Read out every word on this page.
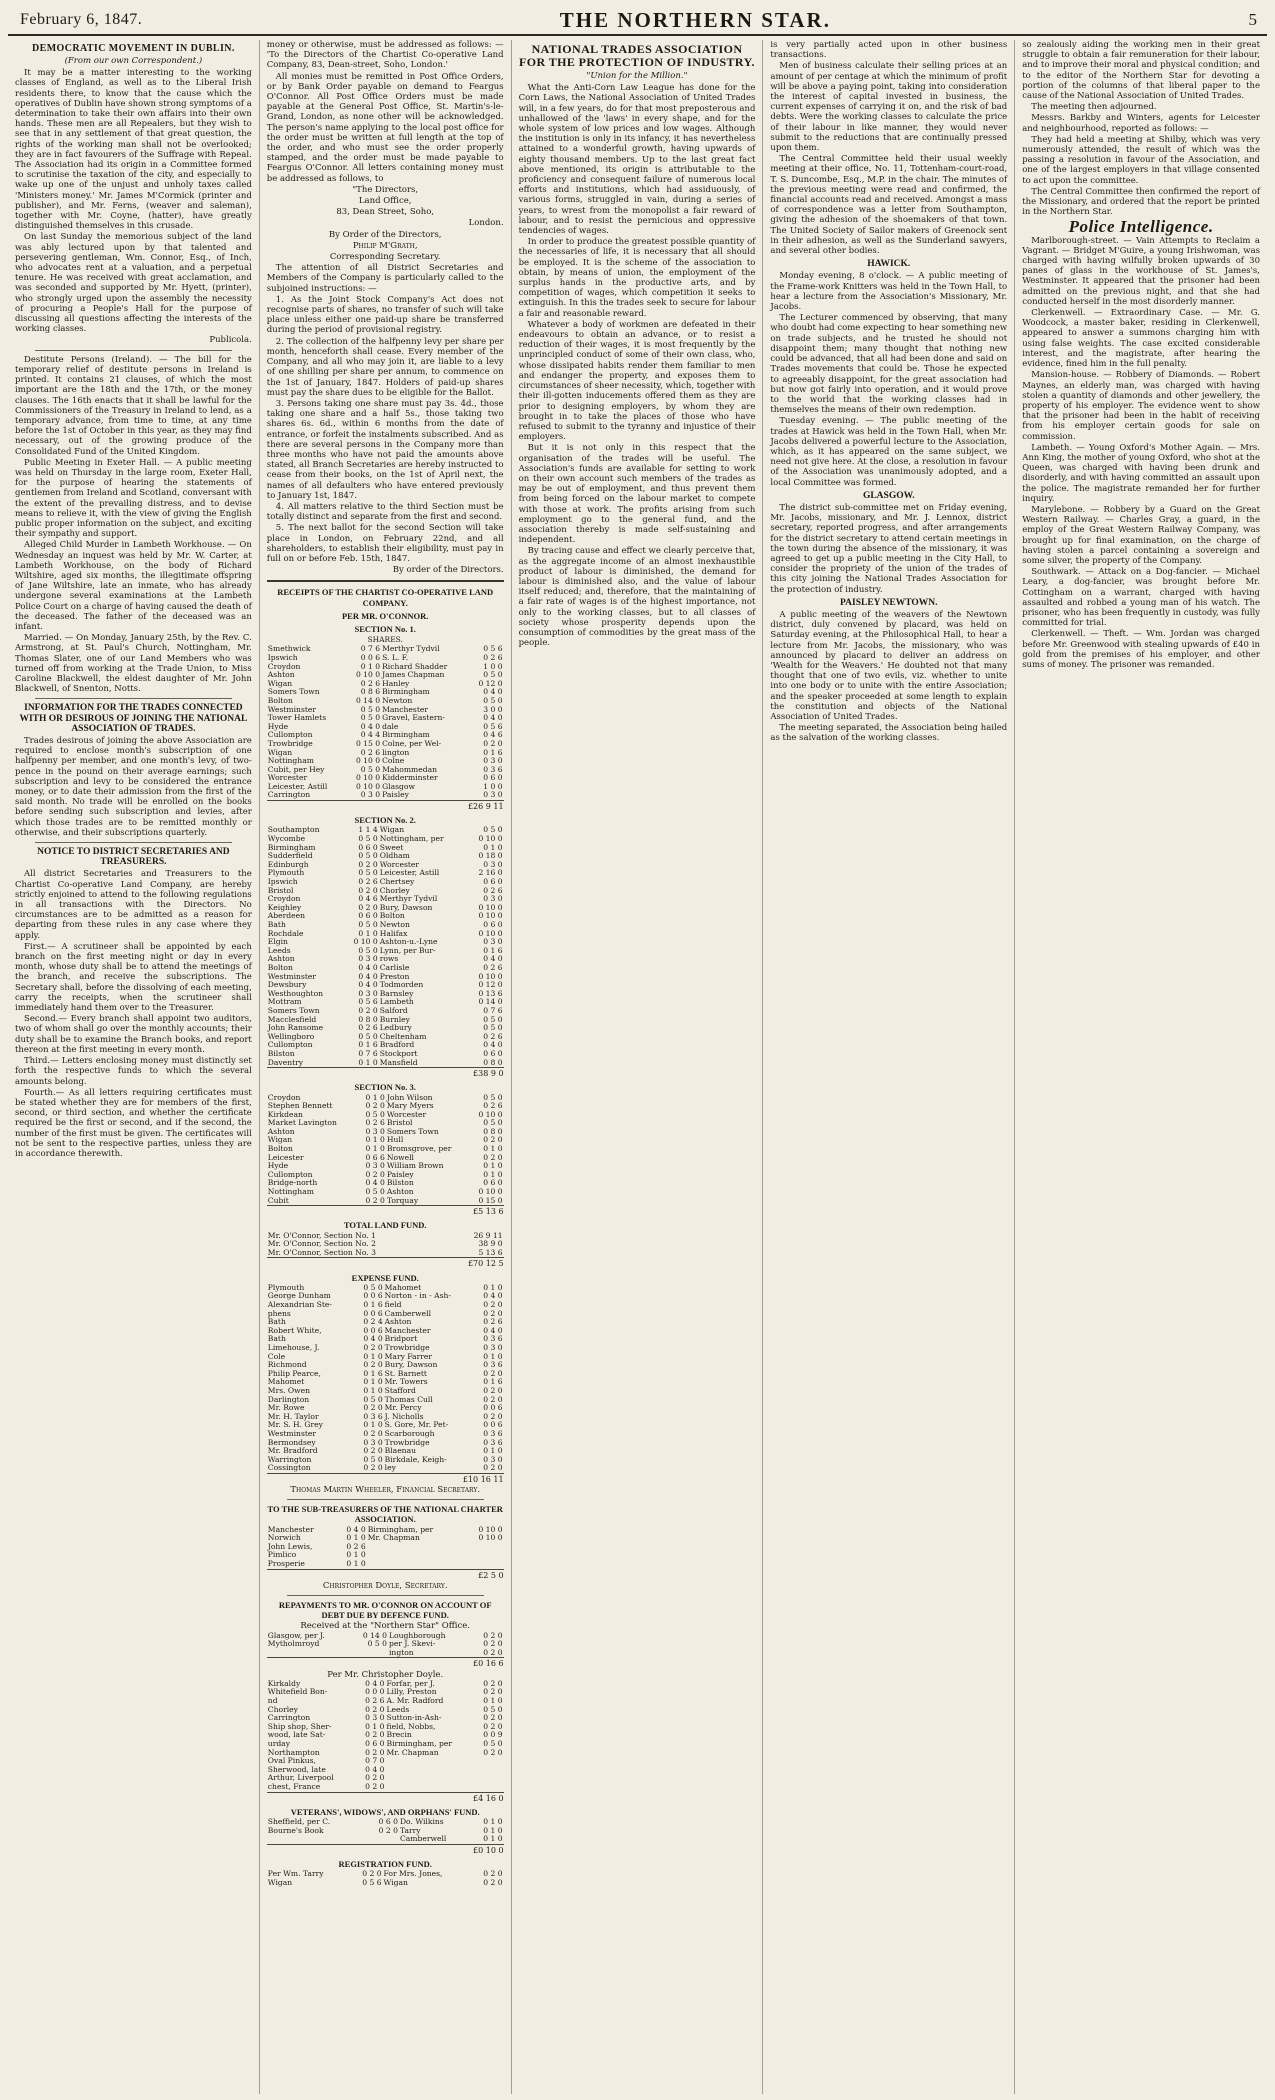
February 6, 1847.	THE NORTHERN STAR.	5
DEMOCRATIC MOVEMENT IN DUBLIN.
(From our own Correspondent.)

It may be a matter interesting to the working classes of England, as well as to the Liberal Irish residents there, to know that the cause which the operatives of Dublin have shown strong symptoms of a determination to take their own affairs into their own hands. These men are all Repealers, but they wish to see that in any settlement of that great question, the rights of the working man shall not be overlooked; they are in fact favourers of the Suffrage with Repeal. The Association had its origin in a Committee formed to scrutinise the taxation of the city, and especially to wake up one of the unjust and unholy taxes called 'Ministers money.' Mr. James M'Cormick (printer and publisher), and Mr. Ferns, (weaver and saleman), together with Mr. Coyne, (hatter), have greatly distinguished themselves in this crusade.

On last Sunday the memorious subject of the land was ably lectured upon by that talented and persevering gentleman, Wm. Connor, Esq., of Inch, who advocates rent at a valuation, and a perpetual tenure. He was received with great acclamation, and was seconded and supported by Mr. Hyett, (printer), who strongly urged upon the assembly the necessity of procuring a People's Hall for the purpose of discussing all questions affecting the interests of the working classes.

Publicola.

Destitute Persons (Ireland). — The bill for the temporary relief of destitute persons in Ireland is printed. It contains 21 clauses, of which the most important are the 18th and the 17th, or the money clauses. The 16th enacts that it shall be lawful for the Commissioners of the Treasury in Ireland to lend, as a temporary advance, from time to time, at any time before the 1st of October in this year, as they may find necessary, out of the growing produce of the Consolidated Fund of the United Kingdom.

Public Meeting in Exeter Hall. — A public meeting was held on Thursday in the large room, Exeter Hall, for the purpose of hearing the statements of gentlemen from Ireland and Scotland, conversant with the extent of the prevailing distress, and to devise means to relieve it, with the view of giving the English public proper information on the subject, and exciting their sympathy and support.

Alleged Child Murder in Lambeth Workhouse. — On Wednesday an inquest was held by Mr. W. Carter, at Lambeth Workhouse, on the body of Richard Wiltshire, aged six months, the illegitimate offspring of Jane Wiltshire, late an inmate, who has already undergone several examinations at the Lambeth Police Court on a charge of having caused the death of the deceased. The father of the deceased was an infant.

Married. — On Monday, January 25th, by the Rev. C. Armstrong, at St. Paul's Church, Nottingham, Mr. Thomas Slater, one of our Land Members who was turned off from working at the Trade Union, to Miss Caroline Blackwell, the eldest daughter of Mr. John Blackwell, of Snenton, Notts.

INFORMATION FOR THE TRADES CONNECTED WITH OR DESIROUS OF JOINING THE NATIONAL ASSOCIATION OF TRADES.

Trades desirous of joining the above Association are required to enclose month's subscription of one halfpenny per member, and one month's levy, of two-pence in the pound on their average earnings; such subscription and levy to be considered the entrance money, or to date their admission from the first of the said month. No trade will be enrolled on the books before sending such subscription and levies, after which those trades are to be remitted monthly or otherwise, and their subscriptions quarterly.

NOTICE TO DISTRICT SECRETARIES AND TREASURERS.

All district Secretaries and Treasurers to the Chartist Co-operative Land Company, are hereby strictly enjoined to attend to the following regulations in all transactions with the Directors. No circumstances are to be admitted as a reason for departing from these rules in any case where they apply.

First.— A scrutineer shall be appointed by each branch on the first meeting night or day in every month, whose duty shall be to attend the meetings of the branch, and receive the subscriptions. The Secretary shall, before the dissolving of each meeting, carry the receipts, when the scrutineer shall immediately hand them over to the Treasurer.

Second.— Every branch shall appoint two auditors, two of whom shall go over the monthly accounts; their duty shall be to examine the Branch books, and report thereon at the first meeting in every month.

Third.— Letters enclosing money must distinctly set forth the respective funds to which the several amounts belong.

Fourth.— As all letters requiring certificates must be stated whether they are for members of the first, second, or third section, and whether the certificate required be the first or second, and if the second, the number of the first must be given. The certificates will not be sent to the respective parties, unless they are in accordance therewith.

money or otherwise, must be addressed as follows: — 'To the Directors of the Chartist Co-operative Land Company, 83, Dean-street, Soho, London.'

All monies must be remitted in Post Office Orders, or by Bank Order payable on demand to Feargus O'Connor. All Post Office Orders must be made payable at the General Post Office, St. Martin's-le-Grand, London, as none other will be acknowledged. The person's name applying to the local post office for the order must be written at full length at the top of the order, and who must see the order properly stamped, and the order must be made payable to Feargus O'Connor. All letters containing money must be addressed as follows, to

"The Directors,

Land Office,

83, Dean Street, Soho,

London.

By Order of the Directors,

Philip M'Grath,

Corresponding Secretary.

The attention of all District Secretaries and Members of the Company is particularly called to the subjoined instructions: —

1. As the Joint Stock Company's Act does not recognise parts of shares, no transfer of such will take place unless either one paid-up share be transferred during the period of provisional registry.

2. The collection of the halfpenny levy per share per month, henceforth shall cease. Every member of the Company, and all who may join it, are liable to a levy of one shilling per share per annum, to commence on the 1st of January, 1847. Holders of paid-up shares must pay the share dues to be eligible for the Ballot.

3. Persons taking one share must pay 3s. 4d., those taking one share and a half 5s., those taking two shares 6s. 6d., within 6 months from the date of entrance, or forfeit the instalments subscribed. And as there are several persons in the Company more than three months who have not paid the amounts above stated, all Branch Secretaries are hereby instructed to cease from their books, on the 1st of April next, the names of all defaulters who have entered previously to January 1st, 1847.

4. All matters relative to the third Section must be totally distinct and separate from the first and second.

5. The next ballot for the second Section will take place in London, on February 22nd, and all shareholders, to establish their eligibility, must pay in full on or before Feb. 15th, 1847.

By order of the Directors.

RECEIPTS OF THE CHARTIST CO-OPERATIVE LAND COMPANY.
PER MR. O'CONNOR.
SECTION No. 1.
SHARES.
Smethwick	0 7 6	Merthyr Tydvil	0 5 6
Ipswich	0 0 6	S. L. F.	0 2 6
Croydon	0 1 0	Richard Shadder	1 0 0
Ashton	0 10 0	James Chapman	0 5 0
Wigan	0 2 6	Hanley	0 12 0
Somers Town	0 8 6	Birmingham	0 4 0
Bolton	0 14 0	Newton	0 5 0
Westminster	0 5 0	Manchester	3 0 0
Tower Hamlets	0 5 0	Gravel, Eastern-	0 4 0
Hyde	0 4 0	dale	0 5 6
Cullompton	0 4 4	Birmingham	0 4 6
Trowbridge	0 15 0	Colne, per Wel-	0 2 0
Wigan	0 2 6	lington	0 1 6
Nottingham	0 10 0	Colne	0 3 0
Cubit, per Hey	0 5 0	Mahommedan	0 3 6
Worcester	0 10 0	Kidderminster	0 6 0
Leicester, Astill	0 10 0	Glasgow	1 0 0
Carrington	0 3 0	Paisley	0 3 0
£26 9 11
SECTION No. 2.
Southampton	1 1 4	Wigan	0 5 0
Wycombe	0 5 0	Nottingham, per	0 10 0
Birmingham	0 6 0	Sweet	0 1 0
Sudderfield	0 5 0	Oldham	0 18 0
Edinburgh	0 2 0	Worcester	0 3 0
Plymouth	0 5 0	Leicester, Astill	2 16 0
Ipswich	0 2 6	Chertsey	0 6 0
Bristol	0 2 0	Chorley	0 2 6
Croydon	0 4 6	Merthyr Tydvil	0 3 0
Keighley	0 2 0	Bury, Dawson	0 10 0
Aberdeen	0 6 0	Bolton	0 10 0
Bath	0 5 0	Newton	0 6 0
Rochdale	0 1 0	Halifax	0 10 0
Elgin	0 10 0	Ashton-u.-Lyne	0 3 0
Leeds	0 5 0	Lynn, per Bur-	0 1 6
Ashton	0 3 0	rows	0 4 0
Bolton	0 4 0	Carlisle	0 2 6
Westminster	0 4 0	Preston	0 10 0
Dewsbury	0 4 0	Todmorden	0 12 0
Westhoughton	0 3 0	Barnsley	0 13 6
Mottram	0 5 6	Lambeth	0 14 0
Somers Town	0 2 0	Salford	0 7 6
Macclesfield	0 8 0	Burnley	0 5 0
John Ransome	0 2 6	Ledbury	0 5 0
Wellingboro	0 5 0	Cheltenham	0 2 6
Cullompton	0 1 6	Bradford	0 4 0
Bilston	0 7 6	Stockport	0 6 0
Daventry	0 1 0	Mansfield	0 8 0
£38 9 0
SECTION No. 3.
Croydon	0 1 0	John Wilson	0 5 0
Stephen Bennett	0 2 0	Mary Myers	0 2 6
Kirkdean	0 5 0	Worcester	0 10 0
Market Lavington	0 2 6	Bristol	0 5 0
Ashton	0 3 0	Somers Town	0 8 0
Wigan	0 1 0	Hull	0 2 0
Bolton	0 1 0	Bromsgrove, per	0 1 0
Leicester	0 6 6	Nowell	0 2 0
Hyde	0 3 0	William Brown	0 1 0
Cullompton	0 2 0	Paisley	0 1 0
Bridge-north	0 4 0	Bilston	0 6 0
Nottingham	0 5 0	Ashton	0 10 0
Cubit	0 2 0	Torquay	0 15 0
£5 13 6
TOTAL LAND FUND.
Mr. O'Connor, Section No. 1	26 9 11
Mr. O'Connor, Section No. 2	38 9 0
Mr. O'Connor, Section No. 3	5 13 6
£70 12 5
EXPENSE FUND.
Plymouth	0 5 0	Mahomet	0 1 0
George Dunham	0 0 6	Norton - in - Ash-	0 4 0
Alexandrian Ste-	0 1 6	field	0 2 0
phens	0 0 6	Camberwell	0 2 0
Bath	0 2 4	Ashton	0 2 6
Robert White,	0 0 6	Manchester	0 4 0
Bath	0 4 0	Bridport	0 3 6
Limehouse, J.	0 2 0	Trowbridge	0 3 0
Cole	0 1 0	Mary Farrer	0 1 0
Richmond	0 2 0	Bury, Dawson	0 3 6
Philip Pearce,	0 1 6	St. Barnett	0 2 0
Mahomet	0 1 0	Mr. Towers	0 1 6
Mrs. Owen	0 1 0	Stafford	0 2 0
Darlington	0 5 0	Thomas Cull	0 2 0
Mr. Rowe	0 2 0	Mr. Percy	0 0 6
Mr. H. Taylor	0 3 6	J. Nicholls	0 2 0
Mr. S. H. Grey	0 1 0	S. Gore, Mr. Pet-	0 0 6
Westminster	0 2 0	Scarborough	0 3 6
Bermondsey	0 3 0	Trowbridge	0 3 6
Mr. Bradford	0 2 0	Blaenau	0 1 0
Warrington	0 5 0	Birkdale, Keigh-	0 3 0
Cossington	0 2 0	ley	0 2 0
£10 16 11

Thomas Martin Wheeler, Financial Secretary.

TO THE SUB-TREASURERS OF THE NATIONAL CHARTER ASSOCIATION.
Manchester	0 4 0	Birmingham, per	0 10 0
Norwich	0 1 0	Mr. Chapman	0 10 0
John Lewis,	0 2 6		
Pimlico	0 1 0		
Prosperie	0 1 0		
£2 5 0

Christopher Doyle, Secretary.

REPAYMENTS TO MR. O'CONNOR ON ACCOUNT OF DEBT DUE BY DEFENCE FUND.
Received at the "Northern Star" Office.
Glasgow, per J.	0 14 0	Loughborough	0 2 0
Mytholmroyd	0 5 0	per J. Skevi-	0 2 0
		ington	0 2 0
£0 16 6
Per Mr. Christopher Doyle.
Kirkaldy	0 4 0	Forfar, per J.	0 2 0
Whitefield Bon-	0 0 0	Lilly, Preston	0 2 0
nd	0 2 6	A. Mr. Radford	0 1 0
Chorley	0 2 0	Leeds	0 5 0
Carrington	0 3 0	Sutton-in-Ash-	0 2 0
Ship shop, Sher-	0 1 0	field, Nobbs,	0 2 0
wood, late Sat-	0 2 0	Brecin	0 0 9
urday	0 6 0	Birmingham, per	0 5 0
Northampton	0 2 0	Mr. Chapman	0 2 0
Oval Pinkus,	0 7 0		
Sherwood, late	0 4 0		
Arthur, Liverpool	0 2 0		
chest, France	0 2 0		
£4 16 0
VETERANS', WIDOWS', AND ORPHANS' FUND.
Sheffield, per C.	0 6 0	Do. Wilkins	0 1 0
Bourne's Book	0 2 0	Tarry	0 1 0
		Camberwell	0 1 0
£0 10 0
REGISTRATION FUND.
Per Wm. Tarry	0 2 0	For Mrs. Jones,	0 2 0
Wigan	0 5 6	Wigan	0 2 0
NATIONAL TRADES ASSOCIATION FOR THE PROTECTION OF INDUSTRY.
"Union for the Million."

What the Anti-Corn Law League has done for the Corn Laws, the National Association of United Trades will, in a few years, do for that most preposterous and unhallowed of the 'laws' in every shape, and for the whole system of low prices and low wages. Although the institution is only in its infancy, it has nevertheless attained to a wonderful growth, having upwards of eighty thousand members. Up to the last great fact above mentioned, its origin is attributable to the proficiency and consequent failure of numerous local efforts and institutions, which had assiduously, of various forms, struggled in vain, during a series of years, to wrest from the monopolist a fair reward of labour, and to resist the pernicious and oppressive tendencies of wages.

In order to produce the greatest possible quantity of the necessaries of life, it is necessary that all should be employed. It is the scheme of the association to obtain, by means of union, the employment of the surplus hands in the productive arts, and by competition of wages, which competition it seeks to extinguish. In this the trades seek to secure for labour a fair and reasonable reward.

Whatever a body of workmen are defeated in their endeavours to obtain an advance, or to resist a reduction of their wages, it is most frequently by the unprincipled conduct of some of their own class, who, whose dissipated habits render them familiar to men and endanger the property, and exposes them to circumstances of sheer necessity, which, together with their ill-gotten inducements offered them as they are prior to designing employers, by whom they are brought in to take the places of those who have refused to submit to the tyranny and injustice of their employers.

But it is not only in this respect that the organisation of the trades will be useful. The Association's funds are available for setting to work on their own account such members of the trades as may be out of employment, and thus prevent them from being forced on the labour market to compete with those at work. The profits arising from such employment go to the general fund, and the association thereby is made self-sustaining and independent.

By tracing cause and effect we clearly perceive that, as the aggregate income of an almost inexhaustible product of labour is diminished, the demand for labour is diminished also, and the value of labour itself reduced; and, therefore, that the maintaining of a fair rate of wages is of the highest importance, not only to the working classes, but to all classes of society whose prosperity depends upon the consumption of commodities by the great mass of the people.

is very partially acted upon in other business transactions.

Men of business calculate their selling prices at an amount of per centage at which the minimum of profit will be above a paying point, taking into consideration the interest of capital invested in business, the current expenses of carrying it on, and the risk of bad debts. Were the working classes to calculate the price of their labour in like manner, they would never submit to the reductions that are continually pressed upon them.

The Central Committee held their usual weekly meeting at their office, No. 11, Tottenham-court-road, T. S. Duncombe, Esq., M.P. in the chair. The minutes of the previous meeting were read and confirmed, the financial accounts read and received. Amongst a mass of correspondence was a letter from Southampton, giving the adhesion of the shoemakers of that town. The United Society of Sailor makers of Greenock sent in their adhesion, as well as the Sunderland sawyers, and several other bodies.

HAWICK.

Monday evening, 8 o'clock. — A public meeting of the Frame-work Knitters was held in the Town Hall, to hear a lecture from the Association's Missionary, Mr. Jacobs.

The Lecturer commenced by observing, that many who doubt had come expecting to hear something new on trade subjects, and he trusted he should not disappoint them; many thought that nothing new could be advanced, that all had been done and said on Trades movements that could be. Those he expected to agreeably disappoint, for the great association had but now got fairly into operation, and it would prove to the world that the working classes had in themselves the means of their own redemption.

Tuesday evening. — The public meeting of the trades at Hawick was held in the Town Hall, when Mr. Jacobs delivered a powerful lecture to the Association, which, as it has appeared on the same subject, we need not give here. At the close, a resolution in favour of the Association was unanimously adopted, and a local Committee was formed.

GLASGOW.

The district sub-committee met on Friday evening, Mr. Jacobs, missionary, and Mr. J. Lennox, district secretary, reported progress, and after arrangements for the district secretary to attend certain meetings in the town during the absence of the missionary, it was agreed to get up a public meeting in the City Hall, to consider the propriety of the union of the trades of this city joining the National Trades Association for the protection of industry.

PAISLEY NEWTOWN.

A public meeting of the weavers of the Newtown district, duly convened by placard, was held on Saturday evening, at the Philosophical Hall, to hear a lecture from Mr. Jacobs, the missionary, who was announced by placard to deliver an address on 'Wealth for the Weavers.' He doubted not that many thought that one of two evils, viz. whether to unite into one body or to unite with the entire Association; and the speaker proceeded at some length to explain the constitution and objects of the National Association of United Trades.

The meeting separated, the Association being hailed as the salvation of the working classes.

so zealously aiding the working men in their great struggle to obtain a fair remuneration for their labour, and to improve their moral and physical condition; and to the editor of the Northern Star for devoting a portion of the columns of that liberal paper to the cause of the National Association of United Trades.

The meeting then adjourned.

Messrs. Barkby and Winters, agents for Leicester and neighbourhood, reported as follows: —

They had held a meeting at Shilby, which was very numerously attended, the result of which was the passing a resolution in favour of the Association, and one of the largest employers in that village consented to act upon the committee.

The Central Committee then confirmed the report of the Missionary, and ordered that the report be printed in the Northern Star.

Police Intelligence.

Marlborough-street. — Vain Attempts to Reclaim a Vagrant. — Bridget M'Guire, a young Irishwoman, was charged with having wilfully broken upwards of 30 panes of glass in the workhouse of St. James's, Westminster. It appeared that the prisoner had been admitted on the previous night, and that she had conducted herself in the most disorderly manner.

Clerkenwell. — Extraordinary Case. — Mr. G. Woodcock, a master baker, residing in Clerkenwell, appeared to answer a summons charging him with using false weights. The case excited considerable interest, and the magistrate, after hearing the evidence, fined him in the full penalty.

Mansion-house. — Robbery of Diamonds. — Robert Maynes, an elderly man, was charged with having stolen a quantity of diamonds and other jewellery, the property of his employer. The evidence went to show that the prisoner had been in the habit of receiving from his employer certain goods for sale on commission.

Lambeth. — Young Oxford's Mother Again. — Mrs. Ann King, the mother of young Oxford, who shot at the Queen, was charged with having been drunk and disorderly, and with having committed an assault upon the police. The magistrate remanded her for further inquiry.

Marylebone. — Robbery by a Guard on the Great Western Railway. — Charles Gray, a guard, in the employ of the Great Western Railway Company, was brought up for final examination, on the charge of having stolen a parcel containing a sovereign and some silver, the property of the Company.

Southwark. — Attack on a Dog-fancier. — Michael Leary, a dog-fancier, was brought before Mr. Cottingham on a warrant, charged with having assaulted and robbed a young man of his watch. The prisoner, who has been frequently in custody, was fully committed for trial.

Clerkenwell. — Theft. — Wm. Jordan was charged before Mr. Greenwood with stealing upwards of £40 in gold from the premises of his employer, and other sums of money. The prisoner was remanded.
